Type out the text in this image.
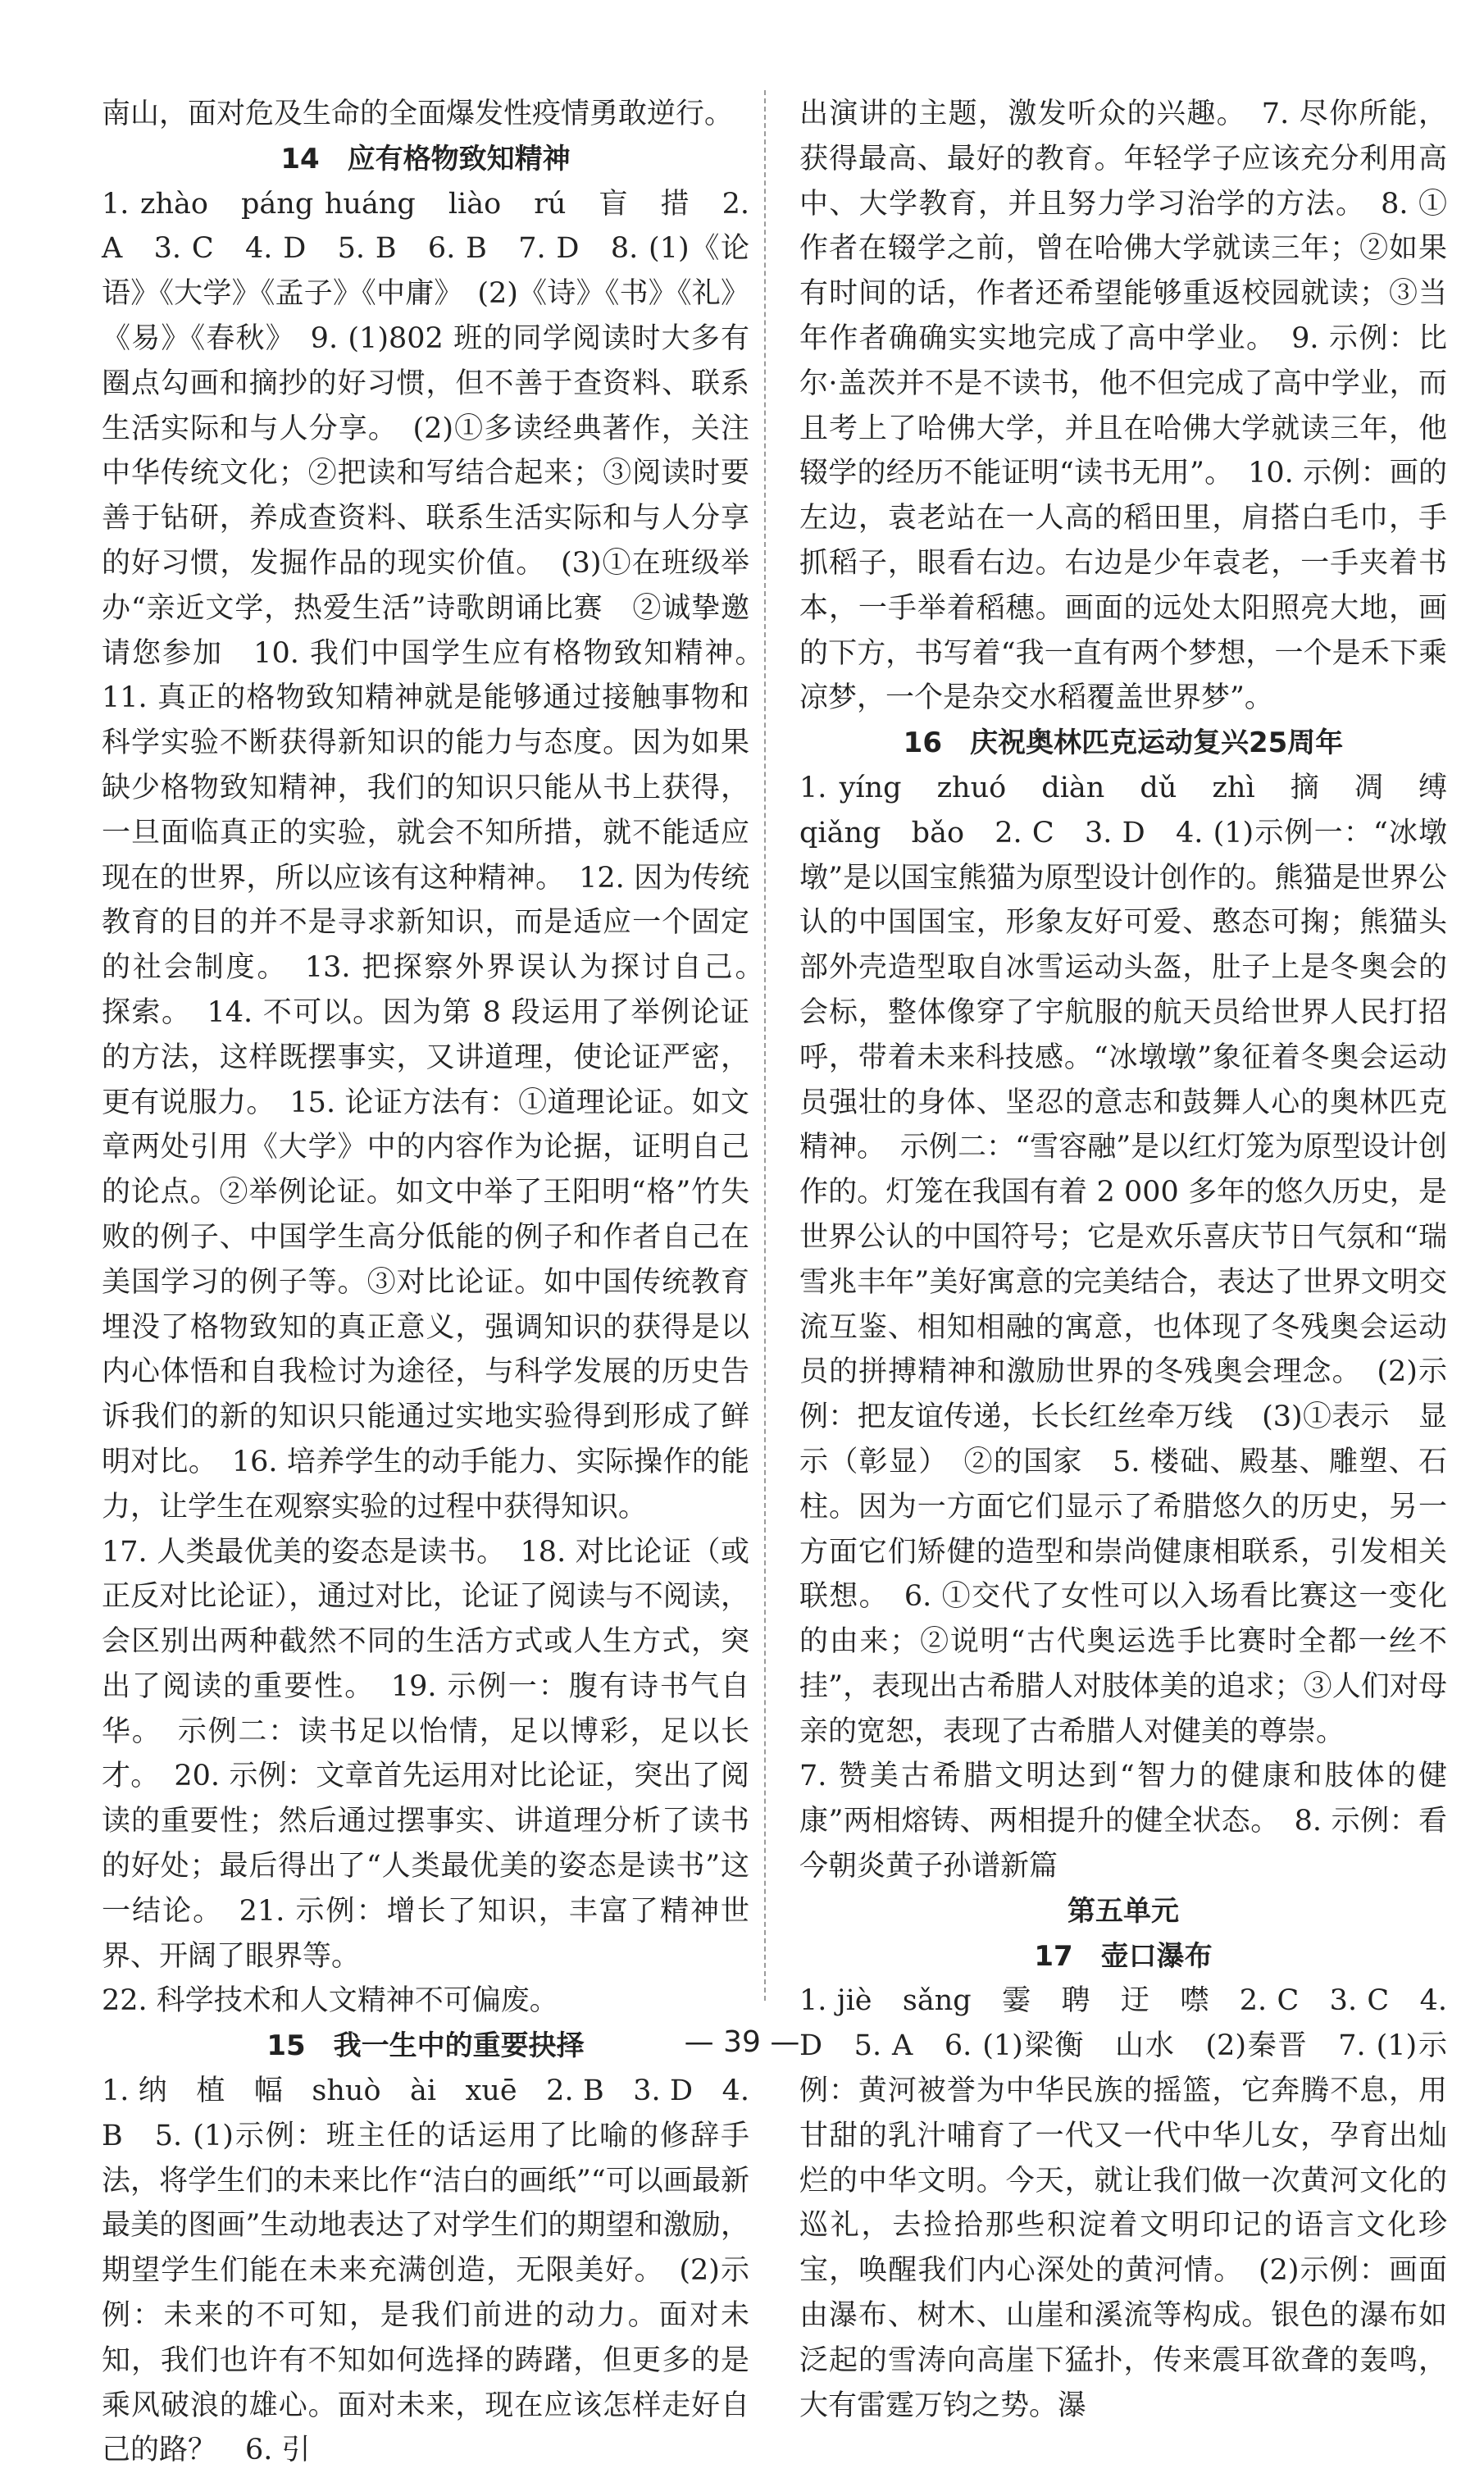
南山，面对危及生命的全面爆发性疫情勇敢逆行。

14　应有格物致知精神

1. zhào　páng huáng　liào　rú　盲　措　2. A　3. C　4. D　5. B　6. B　7. D　8. (1)《论语》《大学》《孟子》《中庸》　(2)《诗》《书》《礼》《易》《春秋》　9. (1)802 班的同学阅读时大多有圈点勾画和摘抄的好习惯，但不善于查资料、联系生活实际和与人分享。　(2)①多读经典著作，关注中华传统文化；②把读和写结合起来；③阅读时要善于钻研，养成查资料、联系生活实际和与人分享的好习惯，发掘作品的现实价值。　(3)①在班级举办“亲近文学，热爱生活”诗歌朗诵比赛　②诚挚邀请您参加　10. 我们中国学生应有格物致知精神。　11. 真正的格物致知精神就是能够通过接触事物和科学实验不断获得新知识的能力与态度。因为如果缺少格物致知精神，我们的知识只能从书上获得，一旦面临真正的实验，就会不知所措，就不能适应现在的世界，所以应该有这种精神。　12. 因为传统教育的目的并不是寻求新知识，而是适应一个固定的社会制度。　13. 把探察外界误认为探讨自己。　探索。　14. 不可以。因为第 8 段运用了举例论证的方法，这样既摆事实，又讲道理，使论证严密，更有说服力。　15. 论证方法有：①道理论证。如文章两处引用《大学》中的内容作为论据，证明自己的论点。②举例论证。如文中举了王阳明“格”竹失败的例子、中国学生高分低能的例子和作者自己在美国学习的例子等。③对比论证。如中国传统教育埋没了格物致知的真正意义，强调知识的获得是以内心体悟和自我检讨为途径，与科学发展的历史告诉我们的新的知识只能通过实地实验得到形成了鲜明对比。　16. 培养学生的动手能力、实际操作的能力，让学生在观察实验的过程中获得知识。

17. 人类最优美的姿态是读书。　18. 对比论证（或正反对比论证），通过对比，论证了阅读与不阅读，会区别出两种截然不同的生活方式或人生方式，突出了阅读的重要性。　19. 示例一：腹有诗书气自华。　示例二：读书足以怡情，足以博彩，足以长才。　20. 示例：文章首先运用对比论证，突出了阅读的重要性；然后通过摆事实、讲道理分析了读书的好处；最后得出了“人类最优美的姿态是读书”这一结论。　21. 示例：增长了知识，丰富了精神世界、开阔了眼界等。

22. 科学技术和人文精神不可偏废。

15　我一生中的重要抉择

1. 纳　植　幅　shuò　ài　xuē　2. B　3. D　4. B　5. (1)示例：班主任的话运用了比喻的修辞手法，将学生们的未来比作“洁白的画纸”“可以画最新最美的图画”生动地表达了对学生们的期望和激励，期望学生们能在未来充满创造，无限美好。　(2)示例：未来的不可知，是我们前进的动力。面对未知，我们也许有不知如何选择的踌躇，但更多的是乘风破浪的雄心。面对未来，现在应该怎样走好自己的路？　6. 引

出演讲的主题，激发听众的兴趣。　7. 尽你所能，获得最高、最好的教育。年轻学子应该充分利用高中、大学教育，并且努力学习治学的方法。　8. ①作者在辍学之前，曾在哈佛大学就读三年；②如果有时间的话，作者还希望能够重返校园就读；③当年作者确确实实地完成了高中学业。　9. 示例：比尔·盖茨并不是不读书，他不但完成了高中学业，而且考上了哈佛大学，并且在哈佛大学就读三年，他辍学的经历不能证明“读书无用”。　10. 示例：画的左边，袁老站在一人高的稻田里，肩搭白毛巾，手抓稻子，眼看右边。右边是少年袁老，一手夹着书本，一手举着稻穗。画面的远处太阳照亮大地，画的下方，书写着“我一直有两个梦想，一个是禾下乘凉梦，一个是杂交水稻覆盖世界梦”。

16　庆祝奥林匹克运动复兴25周年

1. yíng　zhuó　diàn　dǔ　zhì　摘　凋　缚　qiǎng　bǎo　2. C　3. D　4. (1)示例一：“冰墩墩”是以国宝熊猫为原型设计创作的。熊猫是世界公认的中国国宝，形象友好可爱、憨态可掬；熊猫头部外壳造型取自冰雪运动头盔，肚子上是冬奥会的会标，整体像穿了宇航服的航天员给世界人民打招呼，带着未来科技感。“冰墩墩”象征着冬奥会运动员强壮的身体、坚忍的意志和鼓舞人心的奥林匹克精神。　示例二：“雪容融”是以红灯笼为原型设计创作的。灯笼在我国有着 2 000 多年的悠久历史，是世界公认的中国符号；它是欢乐喜庆节日气氛和“瑞雪兆丰年”美好寓意的完美结合，表达了世界文明交流互鉴、相知相融的寓意，也体现了冬残奥会运动员的拼搏精神和激励世界的冬残奥会理念。　(2)示例：把友谊传递，长长红丝牵万线　(3)①表示　显示（彰显）　②的国家　5. 楼础、殿基、雕塑、石柱。因为一方面它们显示了希腊悠久的历史，另一方面它们矫健的造型和崇尚健康相联系，引发相关联想。　6. ①交代了女性可以入场看比赛这一变化的由来；②说明“古代奥运选手比赛时全都一丝不挂”，表现出古希腊人对肢体美的追求；③人们对母亲的宽恕，表现了古希腊人对健美的尊崇。

7. 赞美古希腊文明达到“智力的健康和肢体的健康”两相熔铸、两相提升的健全状态。　8. 示例：看今朝炎黄子孙谱新篇

第五单元

17　壶口瀑布

1. jiè　sǎng　霎　聘　迂　噤　2. C　3. C　4. D　5. A　6. (1)梁衡　山水　(2)秦晋　7. (1)示例：黄河被誉为中华民族的摇篮，它奔腾不息，用甘甜的乳汁哺育了一代又一代中华儿女，孕育出灿烂的中华文明。今天，就让我们做一次黄河文化的巡礼，去捡拾那些积淀着文明印记的语言文化珍宝，唤醒我们内心深处的黄河情。　(2)示例：画面由瀑布、树木、山崖和溪流等构成。银色的瀑布如泛起的雪涛向高崖下猛扑，传来震耳欲聋的轰鸣，大有雷霆万钧之势。瀑

— 39 —
